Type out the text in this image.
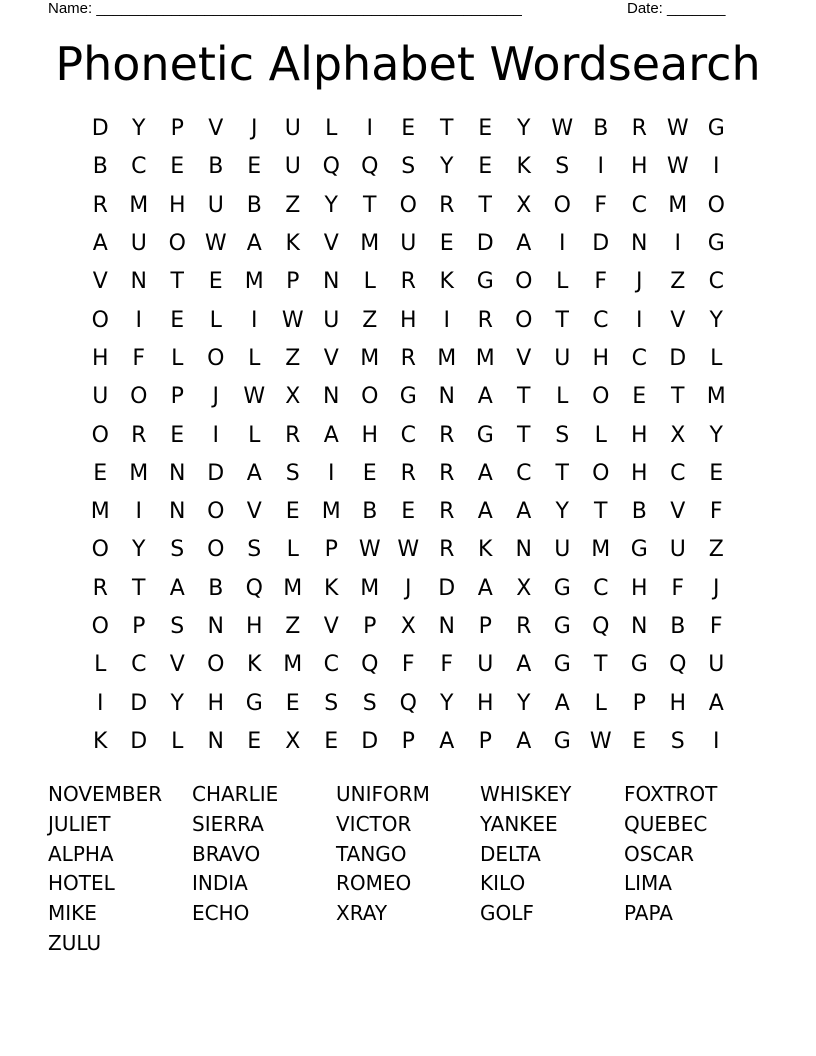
Name: ___________________________________________________	Date: _______
Phonetic Alphabet Wordsearch
D	Y	P	V	J	U	L	I	E	T	E	Y W B	R W G
B	C	E	B	E	U Q Q	S	Y	E	K	S	I	H W	I
R M H	U	B	Z	Y	T	O	R	T	X	O	F	C M O
A	U O W A	K	V M U	E	D	A	I	D N	I	G
V	N	T	E	M	P	N	L	R	K	G O	L	F	J	Z	C
O	I	E	L	I	W U	Z	H	I	R	O	T	C	I	V	Y
H	F	L	O	L	Z	V M R M M V	U	H	C	D	L
U O	P	J	W X	N O G N	A	T	L	O	E	T	M
O	R	E	I	L	R	A	H	C	R	G	T	S	L	H	X	Y
E	M N D	A	S	I	E	R	R	A	C	T	O H	C	E
M	I	N O	V	E	M B	E	R	A	A	Y	T	B	V	F
O	Y	S	O	S	L	P W W R	K	N	U M G U	Z
R	T	A	B	Q M K M	J	D	A	X	G	C	H	F	J
O	P	S	N H	Z	V	P	X	N	P	R	G Q N	B	F
L	C	V	O	K M C	Q	F	F	U	A	G	T	G Q U
I	D	Y	H G	E	S	S	Q	Y	H	Y	A	L	P	H	A
K	D	L	N	E	X	E	D	P	A	P	A	G W E	S	I
NOVEMBER	CHARLIE	UNIFORM	WHISKEY	FOXTROT
JULIET	SIERRA	VICTOR	YANKEE	QUEBEC
ALPHA	BRAVO	TANGO	DELTA	OSCAR
HOTEL	INDIA	ROMEO	KILO	LIMA
MIKE	ECHO	XRAY	GOLF	PAPA
ZULU
